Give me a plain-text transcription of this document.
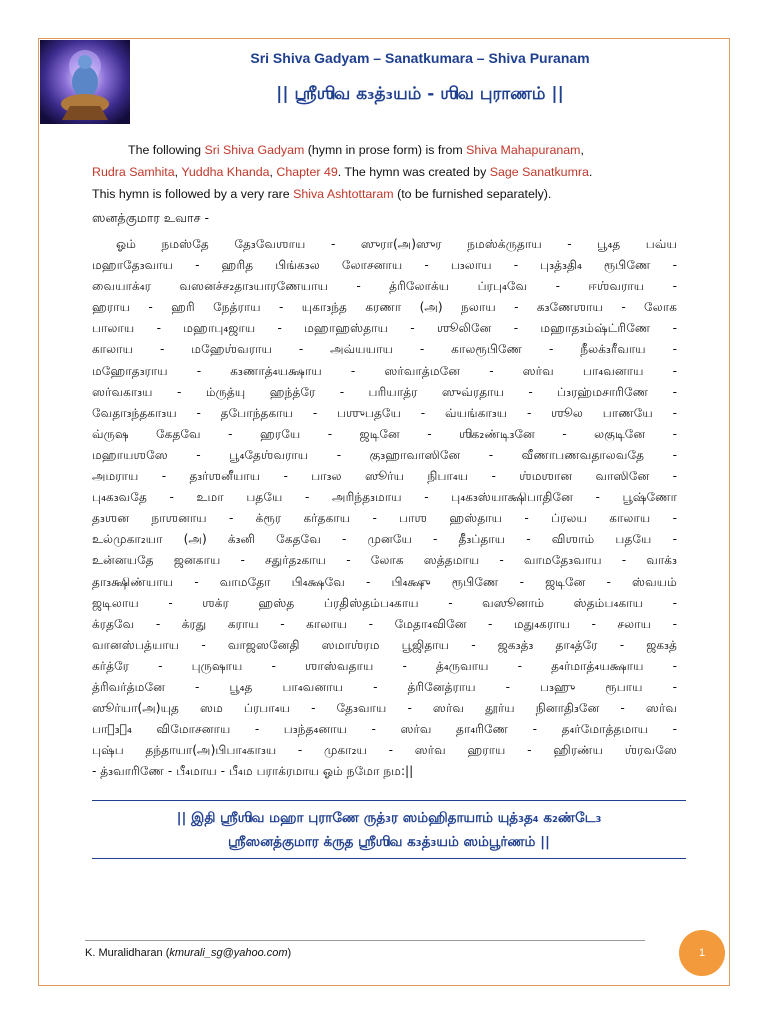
Sri Shiva Gadyam – Sanatkumara – Shiva Puranam
|| ஶ்ரீஶிவ க₃த்₃யம் - ஶிவ புராணம் ||
The following Sri Shiva Gadyam (hymn in prose form) is from Shiva Mahapuranam,
Rudra Samhita, Yuddha Khanda, Chapter 49. The hymn was created by Sage Sanatkumra.
This hymn is followed by a very rare Shiva Ashtottaram (to be furnished separately).
ஸனத்குமார உவாச -
ஓம் நமஸ்தே தே₃வேஶாய - ஸுரா(அ)ஸுர நமஸ்க்ருதாய - பூ₄த பவ்ய
மஹாதே₃வாய - ஹரித பிங்க₃ல லோசனாய - ப₃லாய - பு₃த்₃தி₄ ரூபிணே -
வையாக்₄ர வஸனச்ச₂தா₃யாரணேயாய - த்ரிலோக்ய ப்ரபு₄வே - ஈஶ்வராய -
ஹராய - ஹரி நேத்ராய - யுகா₃ந்த கரணா (அ) நலாய - க₃ணேஶாய - லோக
பாலாய - மஹாபு₄ஜாய - மஹாஹஸ்தாய - ஶூலினே - மஹாத₃ம்ஷ்ட்ரிணே -
காலாய - மஹேஶ்வராய - அவ்யயாய - காலரூபிணே - நீலக்₃ரீவாய -
மஹோத₃ராய - க₃ணாத்₄யக்ஷாய - ஸர்வாத்மனே - ஸர்வ பா₄வனாய -
ஸர்வகா₃ய - ம்ருத்யு ஹந்த்ரே - பரியாத்ர ஸுவ்ரதாய - ப்₃ரஹ்மசாரிணே -
வேதா₃ந்தகா₃ய - தபோந்தகாய - பஶுபதயே - வ்யங்கா₃ய - ஶூல பாணயே -
வ்ருஷ கேதவே - ஹரயே - ஜடினே - ஶிக₂ண்டி₃னே - லகுடினே -
மஹாயஶஸே - பூ₄தேஶ்வராய - கு₃ஹாவாஸினே - வீணாபணவதாலவதே -
அமராய - த₃ர்ஶனீயாய - பா₃ல ஸூர்ய நிபா₄ய - ஶ்மஶான வாஸினே -
பு₄க₃வதே - உமா பதயே - அரிந்த₃மாய - பு₄க₃ஸ்யாக்ஷிபாதினே - பூஷ்ணோ
த₃ஶன நாஶனாய - க்ரூர கர்தகாய - பாஶ ஹஸ்தாய - ப்ரலய காலாய -
உல்முகா₂யா (அ) க்₃னி கேதவே - முனயே - தீ₃ப்தாய - விஶாம் பதயே -
உன்னயதே ஜனகாய - சதுர்த₂காய - லோக ஸத்தமாய - வாமதே₃வாய - வாக்₃
தா₃க்ஷிண்யாய - வாமதோ பி₄க்ஷவே - பி₄க்ஷு ரூபிணே - ஜடினே - ஸ்வயம்
ஜடிலாய - ஶக்ர ஹஸ்த ப்ரதிஸ்தம்ப₄காய - வஸூனாம் ஸ்தம்ப₄காய -
க்ரதவே - க்ரது கராய - காலாய - மேதா₄வினே - மது₄கராய - சலாய -
வானஸ்பத்யாய - வாஜஸனேதி ஸமாஶ்ரம பூஜிதாய - ஜக₃த்₃ தா₄த்ரே - ஜக₃த்
கர்த்ரே - புருஷாய - ஶாஸ்வதாய - த்₄ருவாய - த₄ர்மாத்₄யக்ஷாய -
த்ரிவர்த்மனே - பூ₄த பா₄வனாய - த்ரினேத்ராய - ப₃ஹு ரூபாய -
ஸூர்யா(அ)யுத ஸம ப்ரபா₄ய - தே₃வாய - ஸர்வ தூர்ய நினாதி₃னே - ஸர்வ
பாத₃ா₄ விமோசனாய - ப₃ந்த₄னாய - ஸர்வ தா₄ரிணே - த₄ர்மோத்தமாய -
புஷ்ப தந்தாயா(அ)பிபா₄கா₃ய - முகா₂ய - ஸர்வ ஹராய - ஹிரண்ய ஶ்ரவஸே
- த்₃வாரிணே - பீ₄மாய - பீ₄ம பராக்ரமாய ஓம் நமோ நம:||
|| இதி ஶ்ரீஶிவ மஹா புராணே ருத்₃ர ஸம்ஹிதாயாம் யுத்₃த₄ க₂ண்டே₃
ஶ்ரீஸனத்குமார க்ருத ஶ்ரீஶிவ க₃த்₃யம் ஸம்பூர்ணம் ||
K. Muralidharan (kmurali_sg@yahoo.com)	1
